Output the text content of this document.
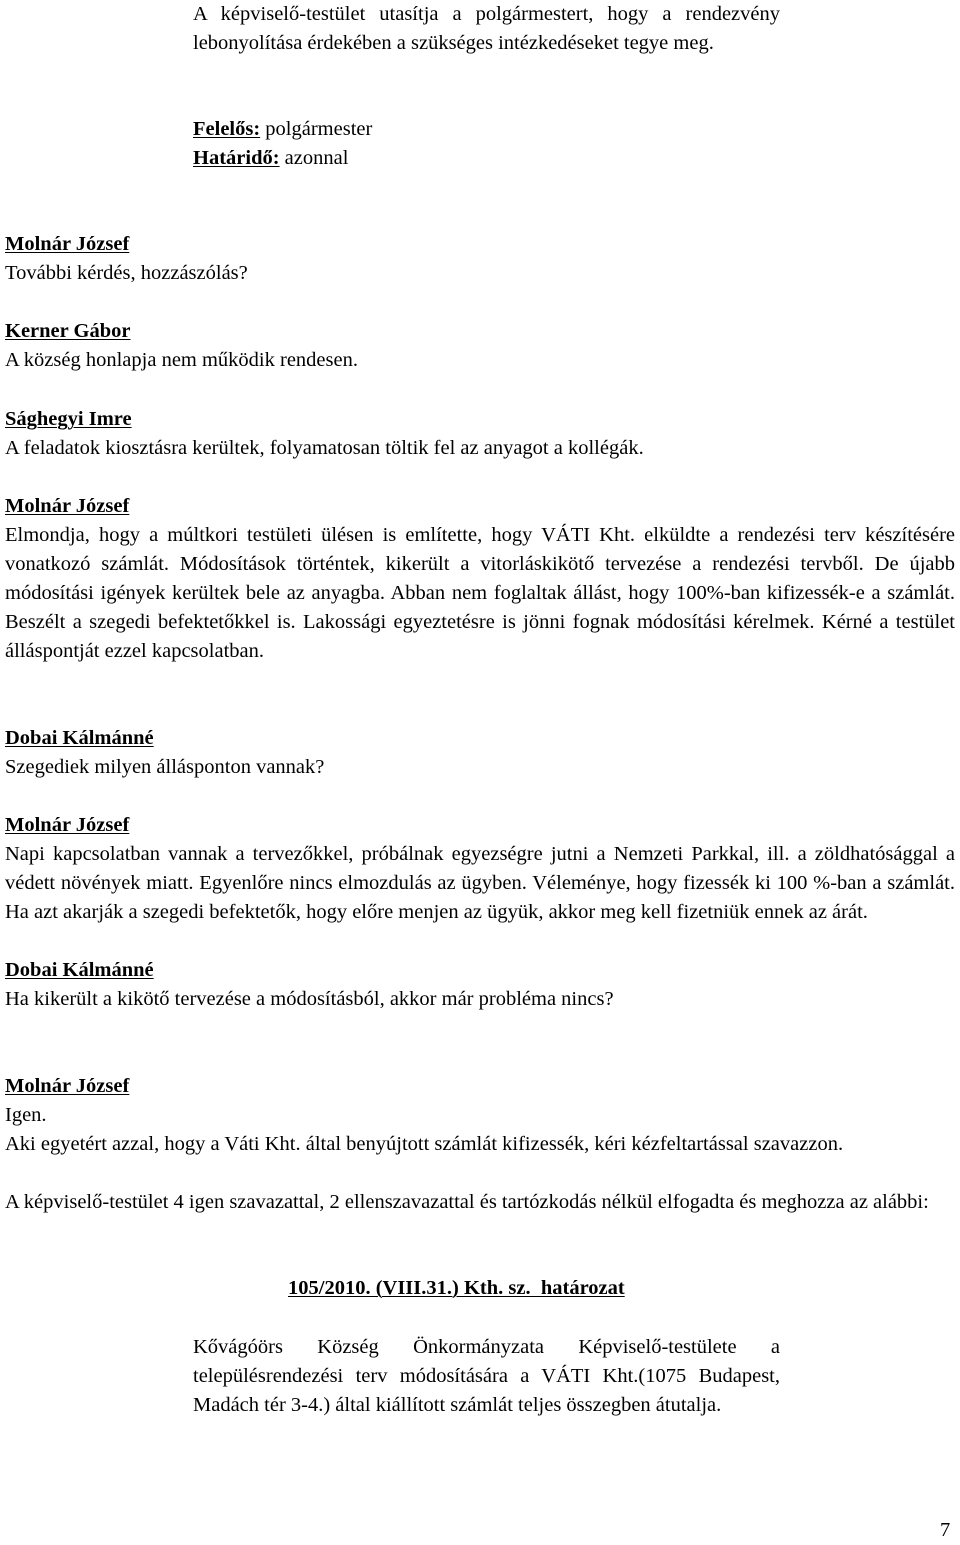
A képviselő-testület utasítja a polgármestert, hogy a rendezvény lebonyolítása érdekében a szükséges intézkedéseket tegye meg.

Felelős: polgármester
Határidő: azonnal
Molnár József

További kérdés, hozzászólás?

Kerner Gábor

A község honlapja nem működik rendesen.

Sághegyi Imre

A feladatok kiosztásra kerültek, folyamatosan töltik fel az anyagot a kollégák.

Molnár József

Elmondja, hogy a múltkori testületi ülésen is említette, hogy VÁTI Kht. elküldte a rendezési terv készítésére vonatkozó számlát. Módosítások történtek, kikerült a vitorláskikötő tervezése a rendezési tervből. De újabb módosítási igények kerültek bele az anyagba. Abban nem foglaltak állást, hogy 100%-ban kifizessék-e a számlát. Beszélt a szegedi befektetőkkel is. Lakossági egyeztetésre is jönni fognak módosítási kérelmek. Kérné a testület álláspontját ezzel kapcsolatban.

Dobai Kálmánné

Szegediek milyen állásponton vannak?

Molnár József

Napi kapcsolatban vannak a tervezőkkel, próbálnak egyezségre jutni a Nemzeti Parkkal, ill. a zöldhatósággal a védett növények miatt. Egyenlőre nincs elmozdulás az ügyben. Véleménye, hogy fizessék ki 100 %-ban a számlát. Ha azt akarják a szegedi befektetők, hogy előre menjen az ügyük, akkor meg kell fizetniük ennek az árát.

Dobai Kálmánné

Ha kikerült a kikötő tervezése a módosításból, akkor már probléma nincs?

Molnár József

Igen.

Aki egyetért azzal, hogy a Váti Kht. által benyújtott számlát kifizessék, kéri kézfeltartással szavazzon.

A képviselő-testület 4 igen szavazattal, 2 ellenszavazattal és tartózkodás nélkül elfogadta és meghozza az alábbi:

105/2010. (VIII.31.) Kth. sz.  határozat

Kővágóörs Község Önkormányzata Képviselő-testülete a településrendezési terv módosítására a VÁTI Kht.(1075 Budapest, Madách tér 3-4.) által kiállított számlát teljes összegben átutalja.

7
